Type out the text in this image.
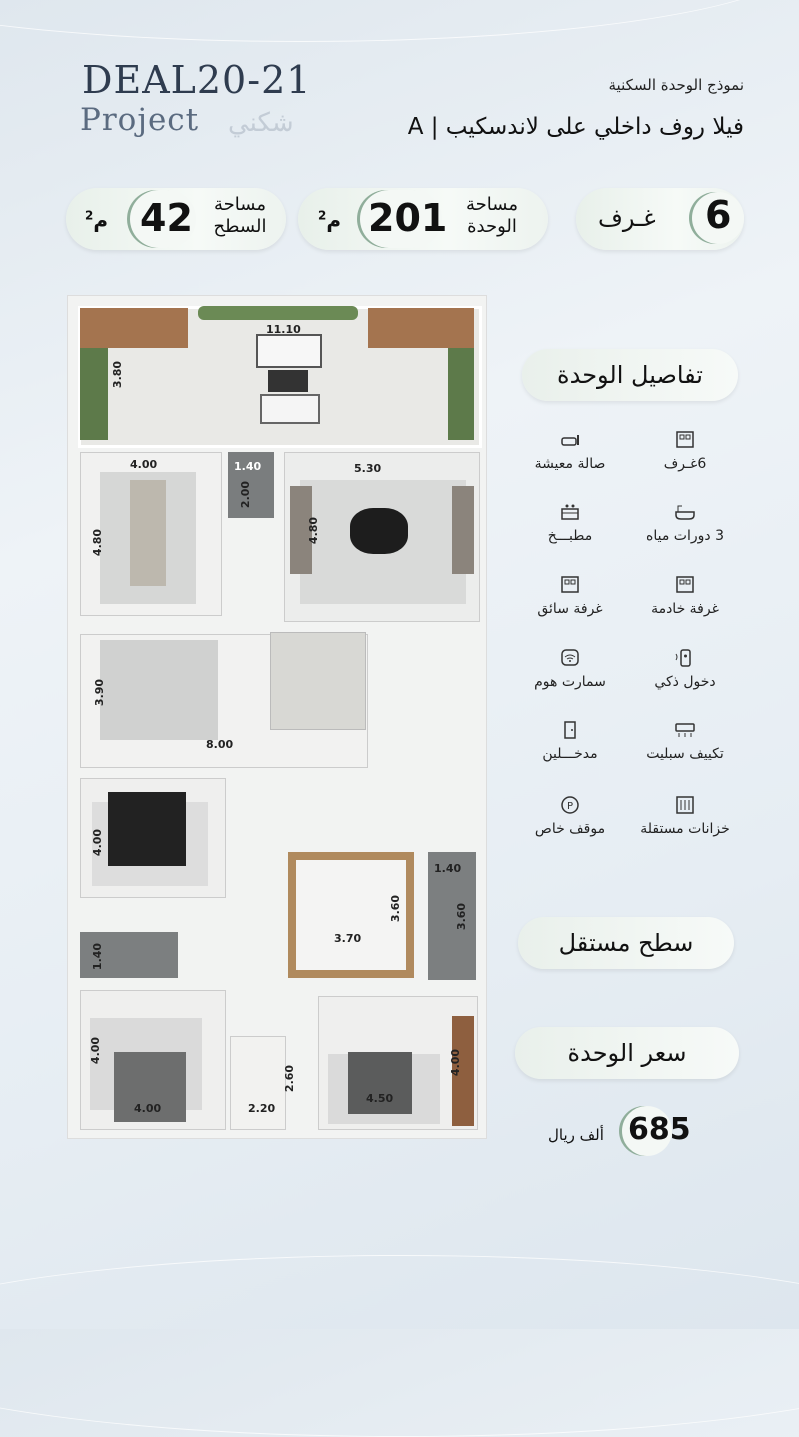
DEAL20-21
Project شكني
نموذج الوحدة السكنية
فيلا روف داخلي على لاندسكيب | A
6
غـرف
201
$^2$م
مساحة
الوحدة
42
$^2$م
مساحة
السطح
11.10
3.80
4.00
4.80
1.40
2.00
5.30
4.80
8.00
3.90
4.00
4.00
1.40
3.70
3.60
1.40
3.60
4.00
4.00
2.20
2.60
4.50
4.00
تفاصيل الوحدة
6غـرف
صالة معيشة
3 دورات مياه
مطبـــخ
غرفة خادمة
غرفة سائق
دخول ذكي
سمارت هوم
تكييف سبليت
مدخـــلين
خزانات مستقلة
P
موقف خاص
سطح مستقل
سعر الوحدة
685
ألف ريال
